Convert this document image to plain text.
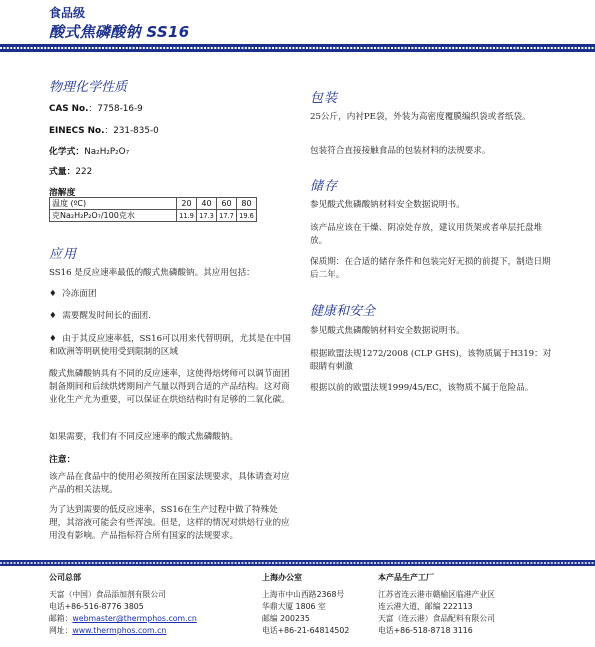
食品级
酸式焦磷酸钠 SS16
物理化学性质
CAS No.：7758-16-9
EINECS No.：231-835-0
化学式：Na₂H₂P₂O₇
式量：222
溶解度
温度 (ºC)	20	40	60	80
克Na₂H₂P₂O₇/100克水	11.9	17.3	17.7	19.6
应用
SS16 是反应速率最低的酸式焦磷酸钠。其应用包括：
♦ 冷冻面团
♦ 需要醒发时间长的面团.
♦ 由于其反应速率低，SS16可以用来代替明矾，尤其是在中国和欧洲等明矾使用受到限制的区域
酸式焦磷酸钠具有不同的反应速率，这使得焙烤师可以调节面团制备期间和后续烘烤期间产气量以得到合适的产品结构。这对商业化生产尤为重要，可以保证在烘焙结构时有足够的二氧化碳。
如果需要，我们有不同反应速率的酸式焦磷酸钠。
注意：
该产品在食品中的使用必须按所在国家法规要求，具体请查对应产品的相关法规。
为了达到需要的低反应速率，SS16在生产过程中做了特殊处理，其溶液可能会有些浑浊。但是，这样的情况对烘焙行业的应用没有影响。产品指标符合所有国家的法规要求。
包装
25公斤，内衬PE袋，外装为高密度覆膜编织袋或者纸袋。
包装符合直接接触食品的包装材料的法规要求。
储存
参见酸式焦磷酸钠材料安全数据说明书。
该产品应该在干燥、阴凉处存放，建议用货架或者单层托盘堆放。
保质期：在合适的储存条件和包装完好无损的前提下，制造日期后二年。
健康和安全
参见酸式焦磷酸钠材料安全数据说明书。
根据欧盟法规1272/2008 (CLP GHS)，该物质属于H319：对眼睛有刺激
根据以前的欧盟法规1999/45/EC，该物质不属于危险品。
公司总部
天富（中国）食品添加剂有限公司
电话+86-516-8776 3805
邮箱：webmaster@thermphos.com.cn
网址：www.thermphos.com.cn
上海办公室
上海市中山西路2368号
华鼎大厦 1806 室
邮编 200235
电话+86-21-64814502
本产品生产工厂
江苏省连云港市赣榆区临港产业区
连云港大道，邮编 222113
天富（连云港）食品配料有限公司
电话+86-518-8718 3116
